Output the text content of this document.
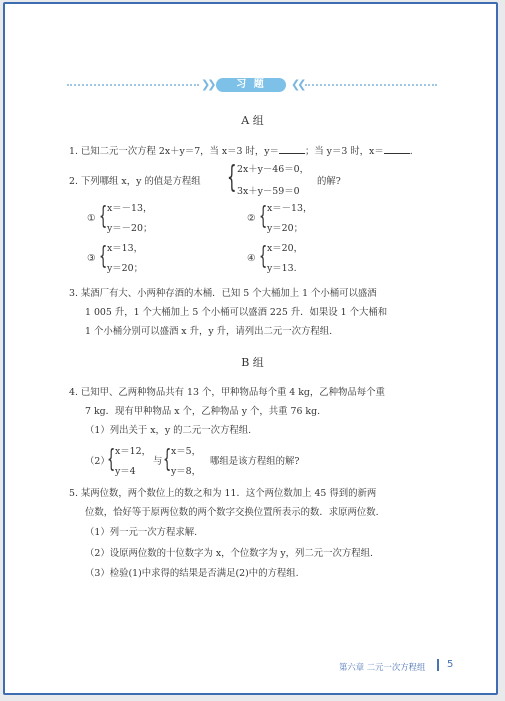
❯❯	习 题	❮❮
A 组
1. 已知二元一次方程 2x＋y＝7，当 x＝3 时，y＝	；当 y＝3 时，x＝	.
2. 下列哪组 x，y 的值是方程组 { 2x＋y－46＝0，
3x＋y－59＝0
的解?
① { x＝－13，
y＝－20；
② { x＝－13，
y＝20；
③ { x＝13，
y＝20；
④ { x＝20，
y＝13.
3. 某酒厂有大、小两种存酒的木桶．已知 5 个大桶加上 1 个小桶可以盛酒
1 005 升，1 个大桶加上 5 个小桶可以盛酒 225 升．如果设 1 个大桶和
1 个小桶分别可以盛酒 x 升，y 升，请列出二元一次方程组.
B 组
4. 已知甲、乙两种物品共有 13 个，甲种物品每个重 4 kg，乙种物品每个重
7 kg．现有甲种物品 x 个，乙种物品 y 个，共重 76 kg.
（1）列出关于 x，y 的二元一次方程组.
（2）
{ x＝12，
y＝4
与 { x＝5，
y＝8，
哪组是该方程组的解?
5. 某两位数，两个数位上的数之和为 11．这个两位数加上 45 得到的新两
位数，恰好等于原两位数的两个数字交换位置所表示的数．求原两位数.
（1）列一元一次方程求解.
（2）设原两位数的十位数字为 x，个位数字为 y，列二元一次方程组.
（3）检验(1)中求得的结果是否满足(2)中的方程组.
第六章 二元一次方程组 5
